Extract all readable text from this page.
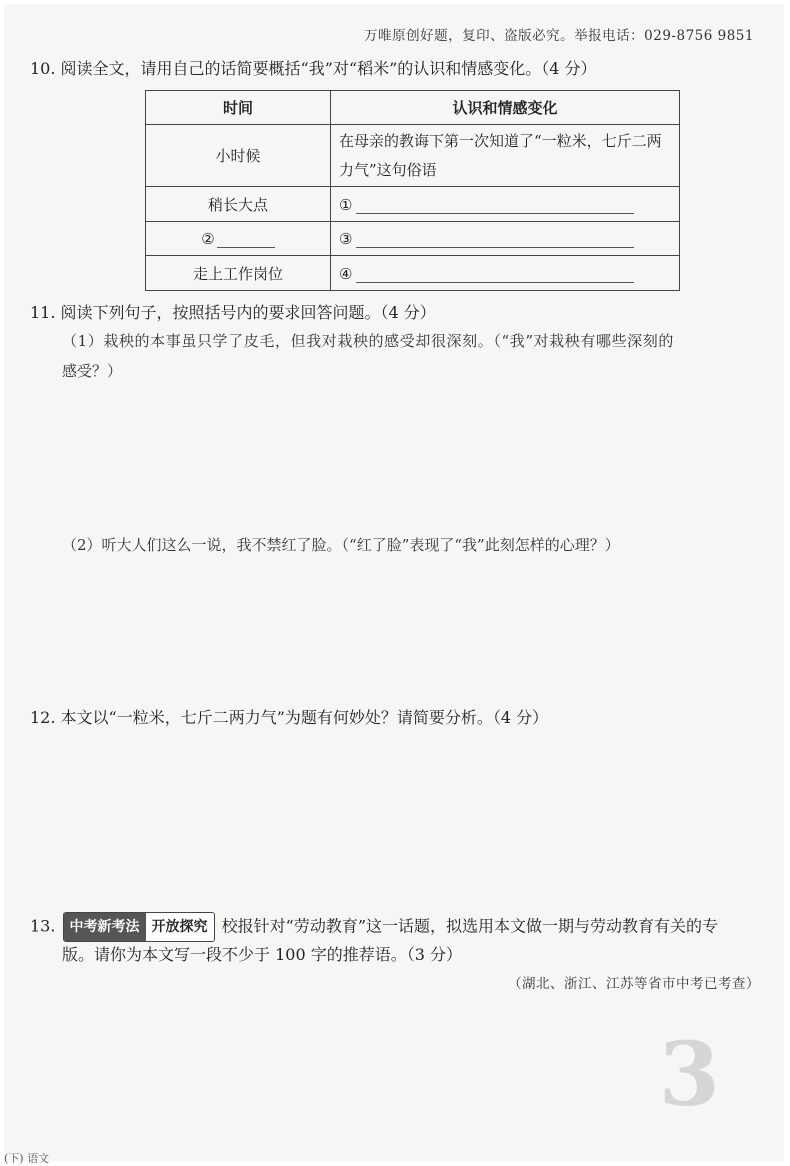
万唯原创好题，复印、盗版必究。举报电话：029-8756 9851
10. 阅读全文，请用自己的话简要概括“我”对“稻米”的认识和情感变化。（4 分）
时间	认识和情感变化
小时候	在母亲的教诲下第一次知道了“一粒米，七斤二两力气”这句俗语
稍长大点	①
②	③
走上工作岗位	④
11. 阅读下列句子，按照括号内的要求回答问题。（4 分）
（1）栽秧的本事虽只学了皮毛，但我对栽秧的感受却很深刻。（“我”对栽秧有哪些深刻的
感受？）
（2）听大人们这么一说，我不禁红了脸。（“红了脸”表现了“我”此刻怎样的心理？）
12. 本文以“一粒米，七斤二两力气”为题有何妙处？请简要分析。（4 分）
13.	中考新考法 开放探究 校报针对“劳动教育”这一话题，拟选用本文做一期与劳动教育有关的专
版。请你为本文写一段不少于 100 字的推荐语。（3 分）
（湖北、浙江、江苏等省市中考已考查）
3
(下) 语文
